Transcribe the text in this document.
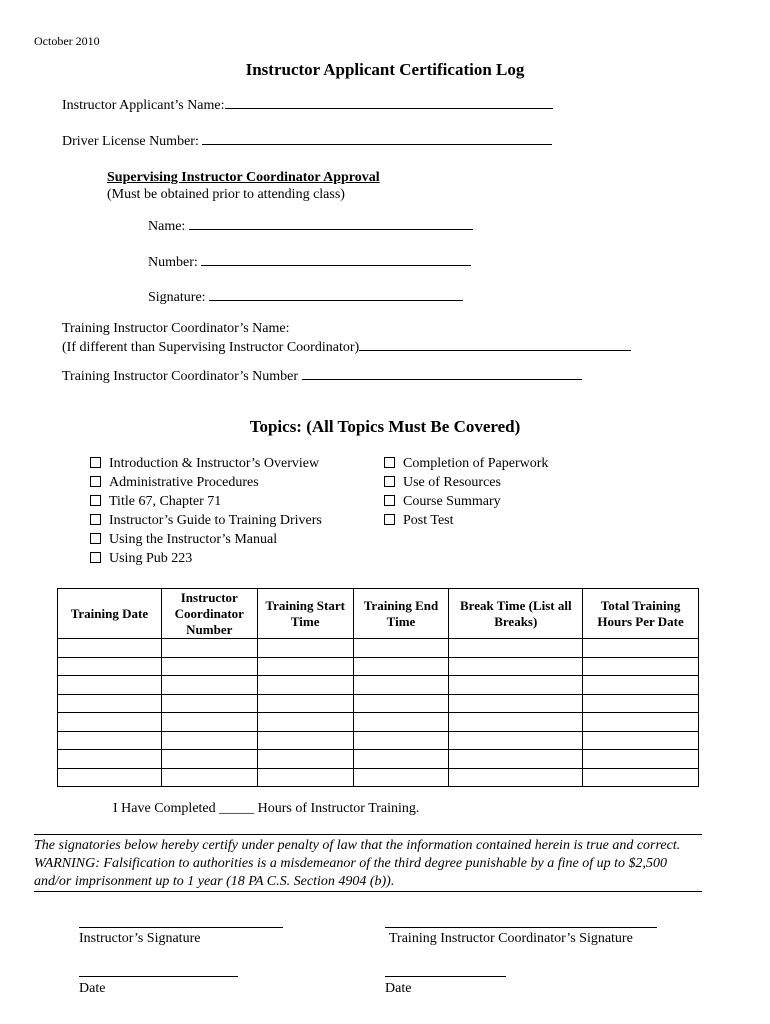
October 2010
Instructor Applicant Certification Log
Instructor Applicant’s Name:
Driver License Number:
Supervising Instructor Coordinator Approval
(Must be obtained prior to attending class)
Name:
Number:
Signature:
Training Instructor Coordinator’s Name:
(If different than Supervising Instructor Coordinator)
Training Instructor Coordinator’s Number
Topics: (All Topics Must Be Covered)
Introduction & Instructor’s Overview
Administrative Procedures
Title 67, Chapter 71
Instructor’s Guide to Training Drivers
Using the Instructor’s Manual
Using Pub 223
Completion of Paperwork
Use of Resources
Course Summary
Post Test
Training Date	Instructor Coordinator Number	Training Start Time	Training End Time	Break Time (List all Breaks)	Total Training Hours Per Date

I Have Completed _____ Hours of Instructor Training.
The signatories below hereby certify under penalty of law that the information contained herein is true and correct. WARNING: Falsification to authorities is a misdemeanor of the third degree punishable by a fine of up to $2,500 and/or imprisonment up to 1 year (18 PA C.S. Section 4904 (b)).
Instructor’s Signature	Training Instructor Coordinator’s Signature
Date	Date
